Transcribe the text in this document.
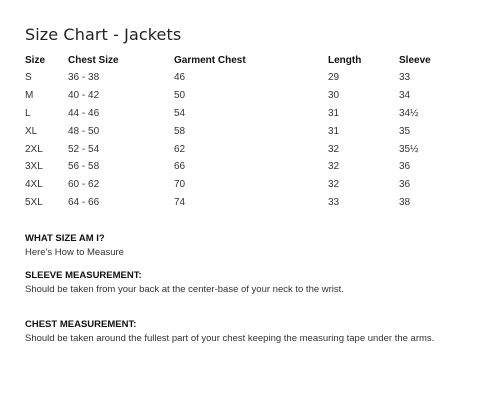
Size Chart - Jackets
Size	Chest Size	Garment Chest	Length	Sleeve
S	36 - 38	46	29	33
M	40 - 42	50	30	34
L	44 - 46	54	31	34½
XL	48 - 50	58	31	35
2XL	52 - 54	62	32	35½
3XL	56 - 58	66	32	36
4XL	60 - 62	70	32	36
5XL	64 - 66	74	33	38

WHAT SIZE AM I?

Here's How to Measure

SLEEVE MEASUREMENT:

Should be taken from your back at the center-base of your neck to the wrist.

CHEST MEASUREMENT:

Should be taken around the fullest part of your chest keeping the measuring tape under the arms.
